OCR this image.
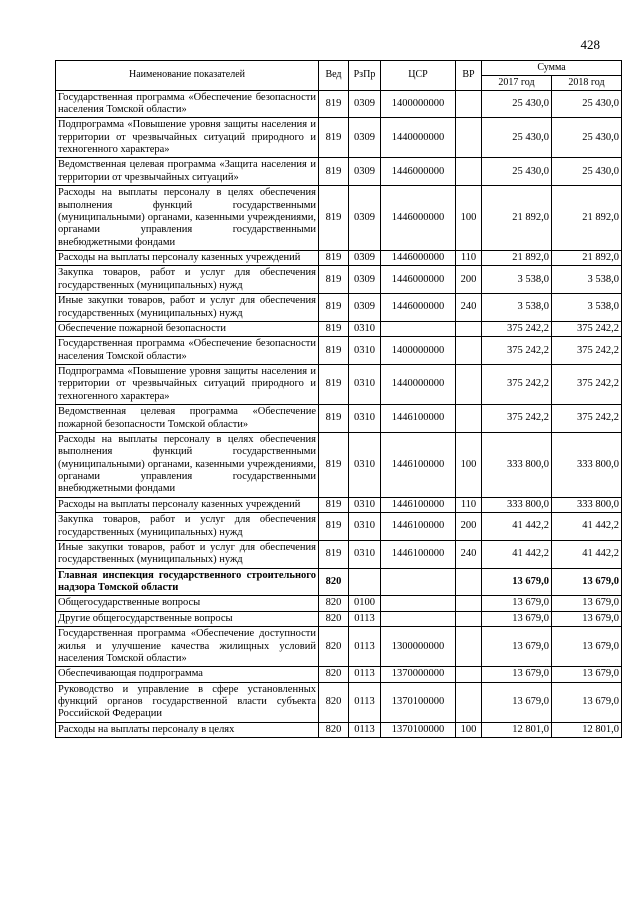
428
Наименование показателей	Вед	РзПр	ЦСР	ВР	Сумма	
					2017 год	2018 год
Государственная программа «Обеспечение безопасности населения Томской области»	819	0309	1400000000		25 430,0	25 430,0
Подпрограмма «Повышение уровня защиты населения и территории от чрезвычайных ситуаций природного и техногенного характера»	819	0309	1440000000		25 430,0	25 430,0
Ведомственная целевая программа «Защита населения и территории от чрезвычайных ситуаций»	819	0309	1446000000		25 430,0	25 430,0
Расходы на выплаты персоналу в целях обеспечения выполнения функций государственными (муниципальными) органами, казенными учреждениями, органами управления государственными внебюджетными фондами	819	0309	1446000000	100	21 892,0	21 892,0
Расходы на выплаты персоналу казенных учреждений	819	0309	1446000000	110	21 892,0	21 892,0
Закупка товаров, работ и услуг для обеспечения государственных (муниципальных) нужд	819	0309	1446000000	200	3 538,0	3 538,0
Иные закупки товаров, работ и услуг для обеспечения государственных (муниципальных) нужд	819	0309	1446000000	240	3 538,0	3 538,0
Обеспечение пожарной безопасности	819	0310			375 242,2	375 242,2
Государственная программа «Обеспечение безопасности населения Томской области»	819	0310	1400000000		375 242,2	375 242,2
Подпрограмма «Повышение уровня защиты населения и территории от чрезвычайных ситуаций природного и техногенного характера»	819	0310	1440000000		375 242,2	375 242,2
Ведомственная целевая программа «Обеспечение пожарной безопасности Томской области»	819	0310	1446100000		375 242,2	375 242,2
Расходы на выплаты персоналу в целях обеспечения выполнения функций государственными (муниципальными) органами, казенными учреждениями, органами управления государственными внебюджетными фондами	819	0310	1446100000	100	333 800,0	333 800,0
Расходы на выплаты персоналу казенных учреждений	819	0310	1446100000	110	333 800,0	333 800,0
Закупка товаров, работ и услуг для обеспечения государственных (муниципальных) нужд	819	0310	1446100000	200	41 442,2	41 442,2
Иные закупки товаров, работ и услуг для обеспечения государственных (муниципальных) нужд	819	0310	1446100000	240	41 442,2	41 442,2
Главная инспекция государственного строительного надзора Томской области	820				13 679,0	13 679,0
Общегосударственные вопросы	820	0100			13 679,0	13 679,0
Другие общегосударственные вопросы	820	0113			13 679,0	13 679,0
Государственная программа «Обеспечение доступности жилья и улучшение качества жилищных условий населения Томской области»	820	0113	1300000000		13 679,0	13 679,0
Обеспечивающая подпрограмма	820	0113	1370000000		13 679,0	13 679,0
Руководство и управление в сфере установленных функций органов государственной власти субъекта Российской Федерации	820	0113	1370100000		13 679,0	13 679,0
Расходы на выплаты персоналу в целях	820	0113	1370100000	100	12 801,0	12 801,0
